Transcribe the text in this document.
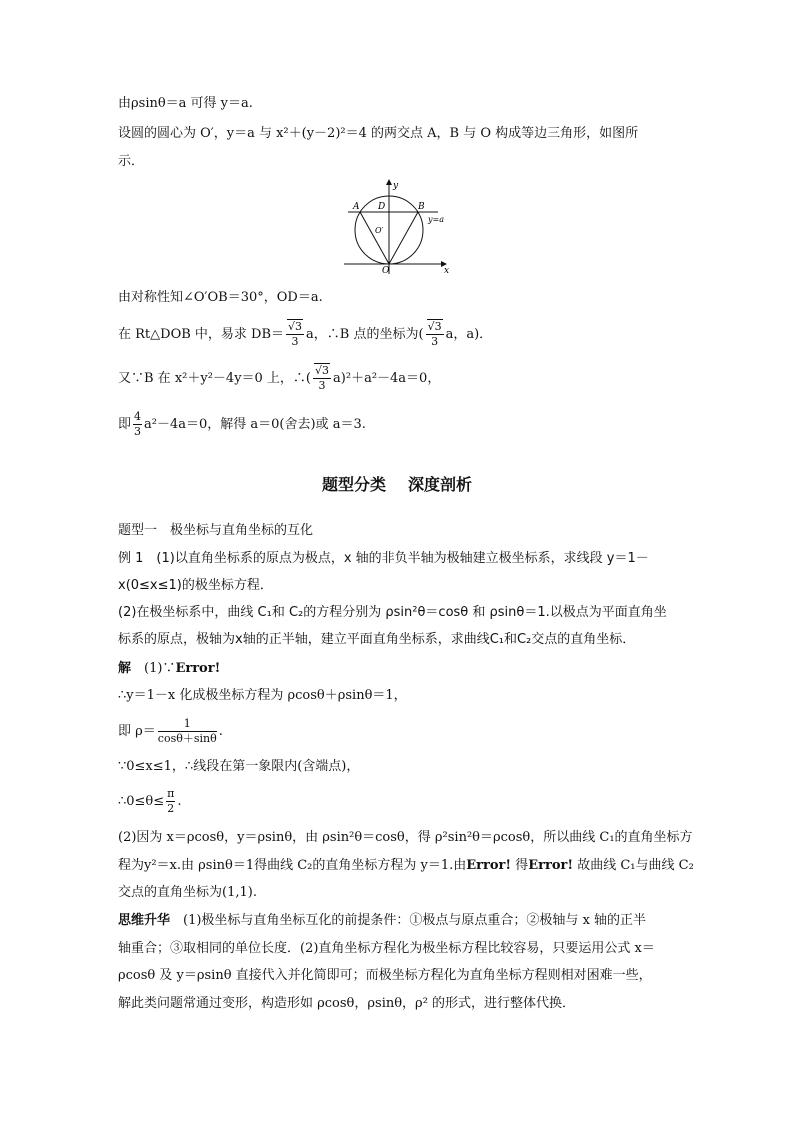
由ρsinθ＝a 可得 y＝a.
设圆的圆心为 O′，y＝a 与 x²＋(y－2)²＝4 的两交点 A，B 与 O 构成等边三角形，如图所
示．
y
x
A D	B
y=a
O′
O
由对称性知∠O′OB＝30°，OD＝a.
在 Rt△DOB 中，易求 $DB= \frac{√3}{3}$ a，∴B 点的坐标为( $\frac{√3}{3}$ a，a)．
又∵B 在 x²＋y²－4y＝0 上，∴( $\frac{√3}{3} a)^2+a^2-4a=0$，
即 $\frac{4}{3} a^2-4a=0$，解得 a＝0(舍去)或 a＝3.
题型分类 深度剖析
题型一　极坐标与直角坐标的互化
例 1　(1)以直角坐标系的原点为极点，x 轴的非负半轴为极轴建立极坐标系，求线段 y＝1－
x(0≤x≤1)的极坐标方程．
(2)在极坐标系中，曲线 C₁和 C₂的方程分别为 ρsin²θ＝cosθ 和 ρsinθ＝1.以极点为平面直角坐
标系的原点，极轴为x轴的正半轴，建立平面直角坐标系，求曲线C₁和C₂交点的直角坐标．
解　(1)∵Error!
∴y＝1－x 化成极坐标方程为 ρcosθ＋ρsinθ＝1，
即 $\rho= \frac{1}{\cos\theta+\sin\theta}$ .
∵0≤x≤1，∴线段在第一象限内(含端点)，
∴0≤θ≤ $\frac{\pi}{2}$ .
(2)因为 x＝ρcosθ，y＝ρsinθ，由 ρsin²θ＝cosθ，得 ρ²sin²θ＝ρcosθ，所以曲线 C₁的直角坐标方
程为y²＝x.由 ρsinθ＝1得曲线 C₂的直角坐标方程为 y＝1.由Error! 得Error! 故曲线 C₁与曲线 C₂
交点的直角坐标为(1,1).
思维升华　(1)极坐标与直角坐标互化的前提条件：①极点与原点重合；②极轴与 x 轴的正半
轴重合；③取相同的单位长度．(2)直角坐标方程化为极坐标方程比较容易，只要运用公式 x＝
ρcosθ 及 y＝ρsinθ 直接代入并化简即可；而极坐标方程化为直角坐标方程则相对困难一些，
解此类问题常通过变形，构造形如 ρcosθ，ρsinθ，ρ² 的形式，进行整体代换．
